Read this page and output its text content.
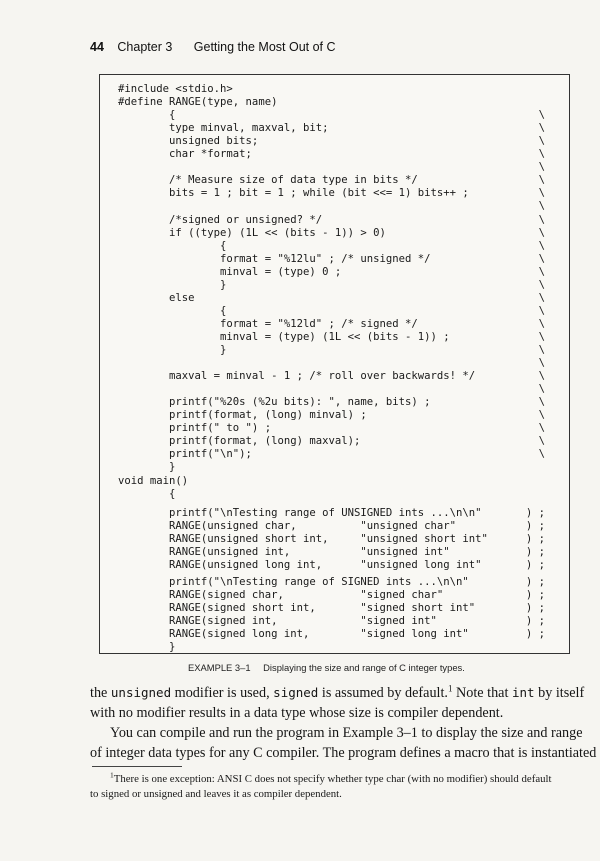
44 Chapter 3 Getting the Most Out of C
#include <stdio.h>
#define RANGE(type, name)
{	\
type minval, maxval, bit;	\
unsigned bits;	\
char *format;	\
\
/* Measure size of data type in bits */	\
bits = 1 ; bit = 1 ; while (bit <<= 1) bits++ ;	\
\
/*signed or unsigned? */	\
if ((type) (1L << (bits - 1)) > 0)	\
{	\
format = "%12lu" ; /* unsigned */	\
minval = (type) 0 ;	\
}	\
else	\
{	\
format = "%12ld" ; /* signed */	\
minval = (type) (1L << (bits - 1)) ;	\
}	\
\
maxval = minval - 1 ; /* roll over backwards! */	\
\
printf("%20s (%2u bits): ", name, bits) ;	\
printf(format, (long) minval) ;	\
printf(" to ") ;	\
printf(format, (long) maxval);	\
printf("\n");	\
}
void main()
{
printf("\nTesting range of UNSIGNED ints ...\n\n"	) ;
RANGE(unsigned char,          "unsigned char"	) ;
RANGE(unsigned short int,     "unsigned short int"	) ;
RANGE(unsigned int,           "unsigned int"	) ;
RANGE(unsigned long int,      "unsigned long int"	) ;
printf("\nTesting range of SIGNED ints ...\n\n"	) ;
RANGE(signed char,            "signed char"	) ;
RANGE(signed short int,       "signed short int"	) ;
RANGE(signed int,             "signed int"	) ;
RANGE(signed long int,        "signed long int"	) ;
}
EXAMPLE 3–1 Displaying the size and range of C integer types.
the unsigned modifier is used, signed is assumed by default.$^1$ Note that int by itself
with no modifier results in a data type whose size is compiler dependent.
You can compile and run the program in Example 3–1 to display the size and range
of integer data types for any C compiler. The program defines a macro that is instantiated
$^1$There is one exception: ANSI C does not specify whether type char (with no modifier) should default
to signed or unsigned and leaves it as compiler dependent.
